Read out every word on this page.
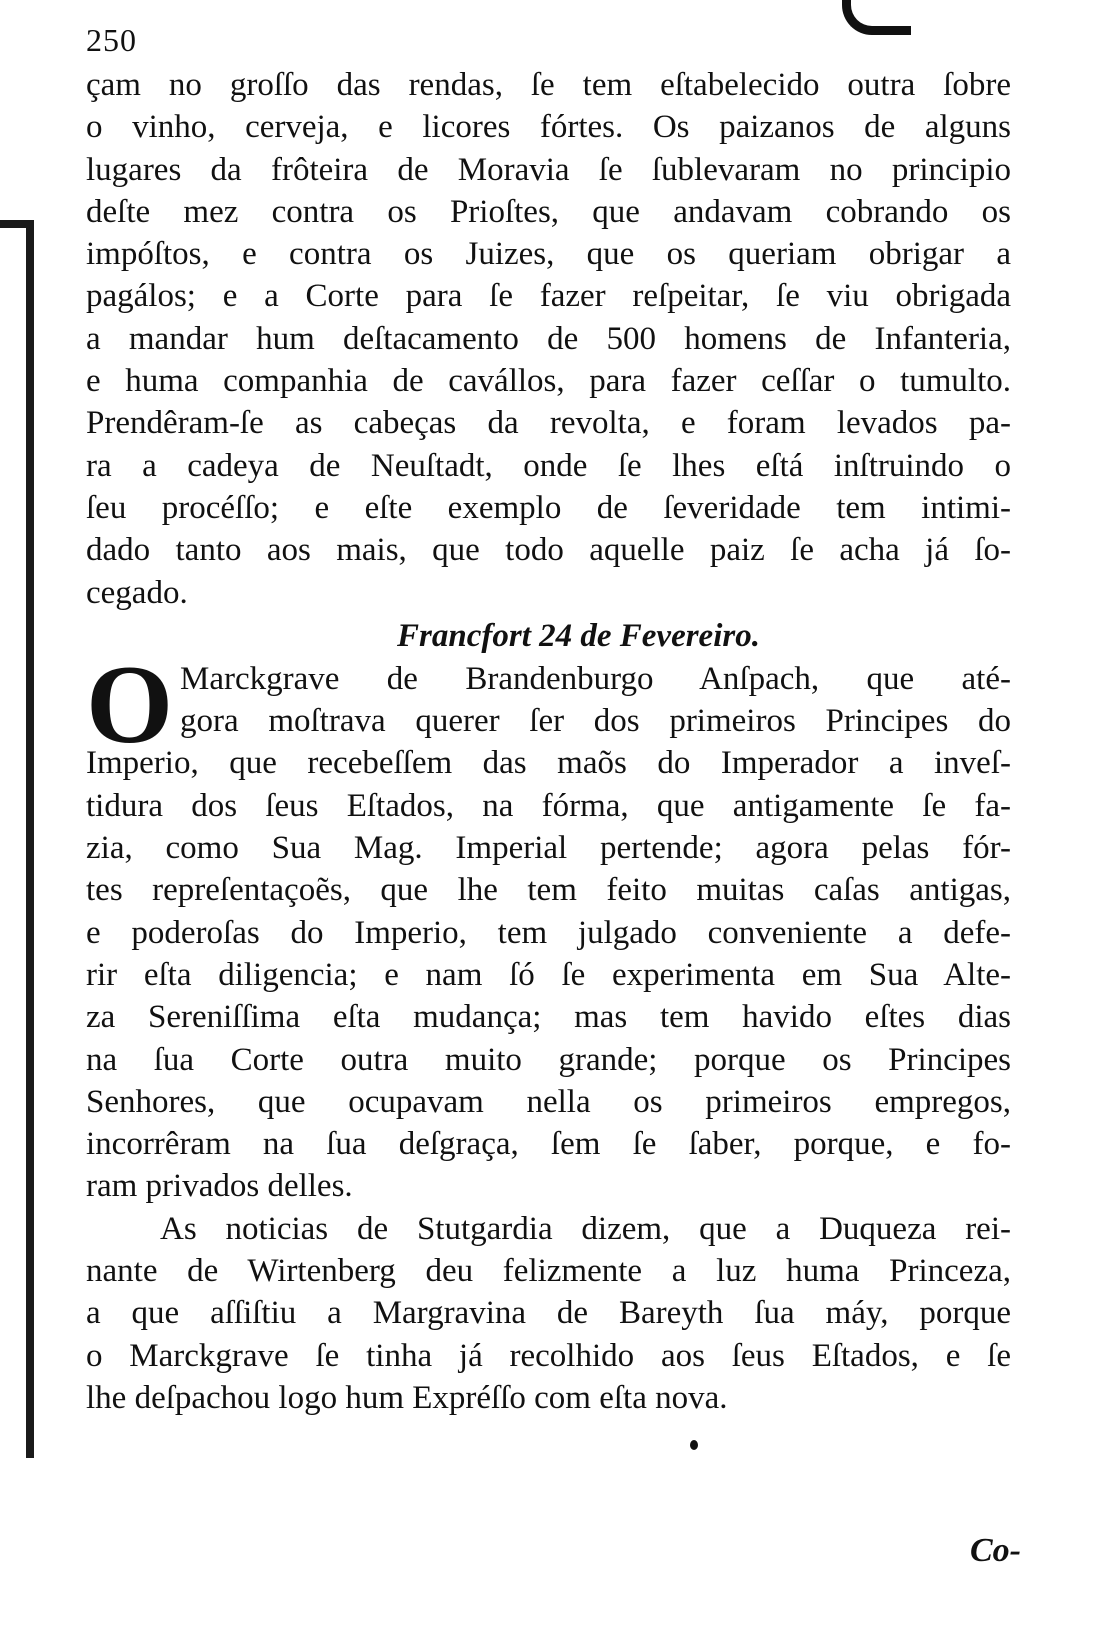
250
çam no groſſo das rendas, ſe tem eſtabelecido outra ſobre
o vinho, cerveja, e licores fórtes. Os paizanos de alguns
lugares da frôteira de Moravia ſe ſublevaram no principio
deſte mez contra os Prioſtes, que andavam cobrando os
impóſtos, e contra os Juizes, que os queriam obrigar a
pagálos; e a Corte para ſe fazer reſpeitar, ſe viu obrigada
a mandar hum deſtacamento de 500 homens de Infanteria,
e huma companhia de cavállos, para fazer ceſſar o tumulto.
Prendêram-ſe as cabeças da revolta, e foram levados pa-
ra a cadeya de Neuſtadt, onde ſe lhes eſtá inſtruindo o
ſeu procéſſo; e eſte exemplo de ſeveridade tem intimi-
dado tanto aos mais, que todo aquelle paiz ſe acha já ſo-
cegado.
Francfort 24 de Fevereiro.
O Marckgrave de Brandenburgo Anſpach, que até-
gora moſtrava querer ſer dos primeiros Principes do
Imperio, que recebeſſem das maõs do Imperador a inveſ-
tidura dos ſeus Eſtados, na fórma, que antigamente ſe fa-
zia, como Sua Mag. Imperial pertende; agora pelas fór-
tes repreſentaçoẽs, que lhe tem feito muitas caſas antigas,
e poderoſas do Imperio, tem julgado conveniente a defe-
rir eſta diligencia; e nam ſó ſe experimenta em Sua Alte-
za Sereniſſima eſta mudança; mas tem havido eſtes dias
na ſua Corte outra muito grande; porque os Principes
Senhores, que ocupavam nella os primeiros empregos,
incorrêram na ſua deſgraça, ſem ſe ſaber, porque, e fo-
ram privados delles.
As noticias de Stutgardia dizem, que a Duqueza rei-
nante de Wirtenberg deu felizmente a luz huma Princeza,
a que aſſiſtiu a Margravina de Bareyth ſua máy, porque
o Marckgrave ſe tinha já recolhido aos ſeus Eſtados, e ſe
lhe deſpachou logo hum Expréſſo com eſta nova.
Co-
